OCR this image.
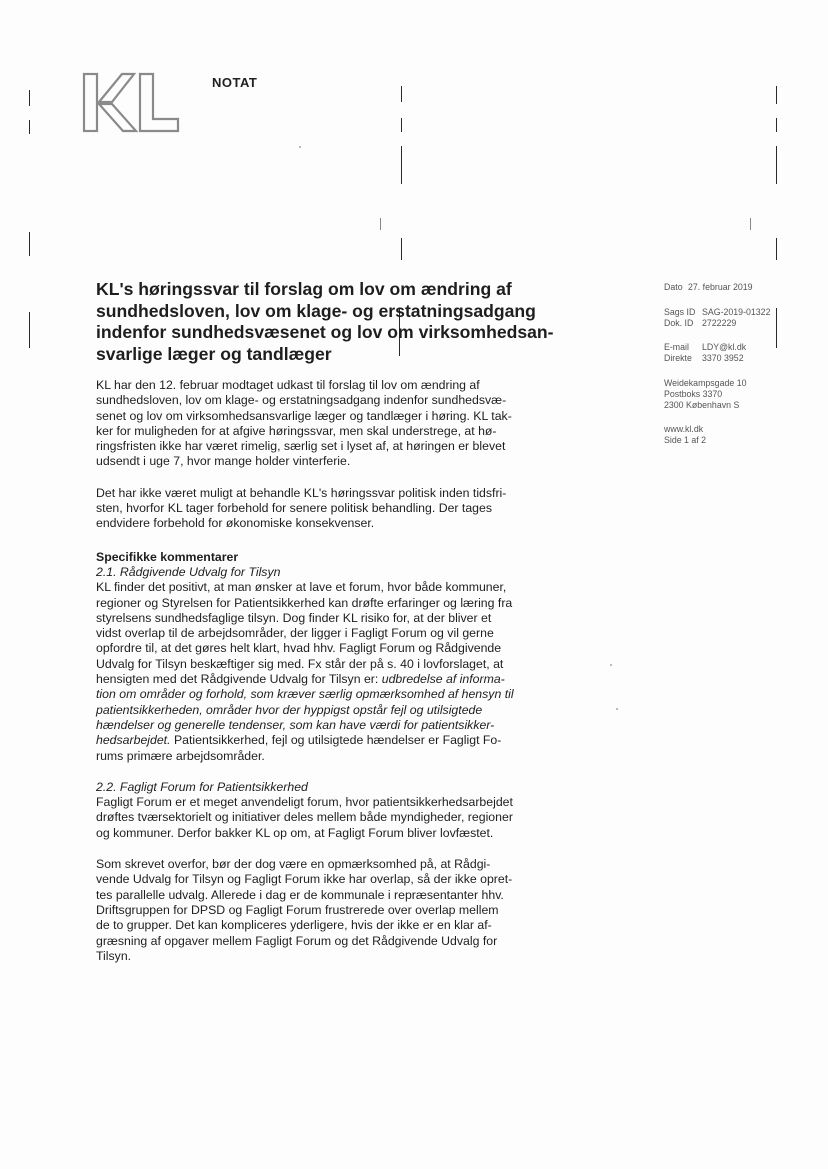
NOTAT
KL's høringssvar til forslag om lov om ændring af
sundhedsloven, lov om klage- og erstatningsadgang
indenfor sundhedsvæsenet og lov om virksomhedsan-
svarlige læger og tandlæger
Dato 27. februar 2019
Sags ID SAG-2019-01322
Dok. ID 2722229
E-mail LDY@kl.dk
Direkte 3370 3952
Weidekampsgade 10
Postboks 3370
2300 København S
www.kl.dk
Side 1 af 2

KL har den 12. februar modtaget udkast til forslag til lov om ændring af
sundhedsloven, lov om klage- og erstatningsadgang indenfor sundhedsvæ-
senet og lov om virksomhedsansvarlige læger og tandlæger i høring. KL tak-
ker for muligheden for at afgive høringssvar, men skal understrege, at hø-
ringsfristen ikke har været rimelig, særlig set i lyset af, at høringen er blevet
udsendt i uge 7, hvor mange holder vinterferie.

Det har ikke været muligt at behandle KL's høringssvar politisk inden tidsfri-
sten, hvorfor KL tager forbehold for senere politisk behandling. Der tages
endvidere forbehold for økonomiske konsekvenser.

Specifikke kommentarer
2.1. Rådgivende Udvalg for Tilsyn
KL finder det positivt, at man ønsker at lave et forum, hvor både kommuner,
regioner og Styrelsen for Patientsikkerhed kan drøfte erfaringer og læring fra
styrelsens sundhedsfaglige tilsyn. Dog finder KL risiko for, at der bliver et
vidst overlap til de arbejdsområder, der ligger i Fagligt Forum og vil gerne
opfordre til, at det gøres helt klart, hvad hhv. Fagligt Forum og Rådgivende
Udvalg for Tilsyn beskæftiger sig med. Fx står der på s. 40 i lovforslaget, at
hensigten med det Rådgivende Udvalg for Tilsyn er: udbredelse af informa-
tion om områder og forhold, som kræver særlig opmærksomhed af hensyn til
patientsikkerheden, områder hvor der hyppigst opstår fejl og utilsigtede
hændelser og generelle tendenser, som kan have værdi for patientsikker-
hedsarbejdet. Patientsikkerhed, fejl og utilsigtede hændelser er Fagligt Fo-
rums primære arbejdsområder.

2.2. Fagligt Forum for Patientsikkerhed
Fagligt Forum er et meget anvendeligt forum, hvor patientsikkerhedsarbejdet
drøftes tværsektorielt og initiativer deles mellem både myndigheder, regioner
og kommuner. Derfor bakker KL op om, at Fagligt Forum bliver lovfæstet.

Som skrevet overfor, bør der dog være en opmærksomhed på, at Rådgi-
vende Udvalg for Tilsyn og Fagligt Forum ikke har overlap, så der ikke opret-
tes parallelle udvalg. Allerede i dag er de kommunale i repræsentanter hhv.
Driftsgruppen for DPSD og Fagligt Forum frustrerede over overlap mellem
de to grupper. Det kan kompliceres yderligere, hvis der ikke er en klar af-
græsning af opgaver mellem Fagligt Forum og det Rådgivende Udvalg for
Tilsyn.
